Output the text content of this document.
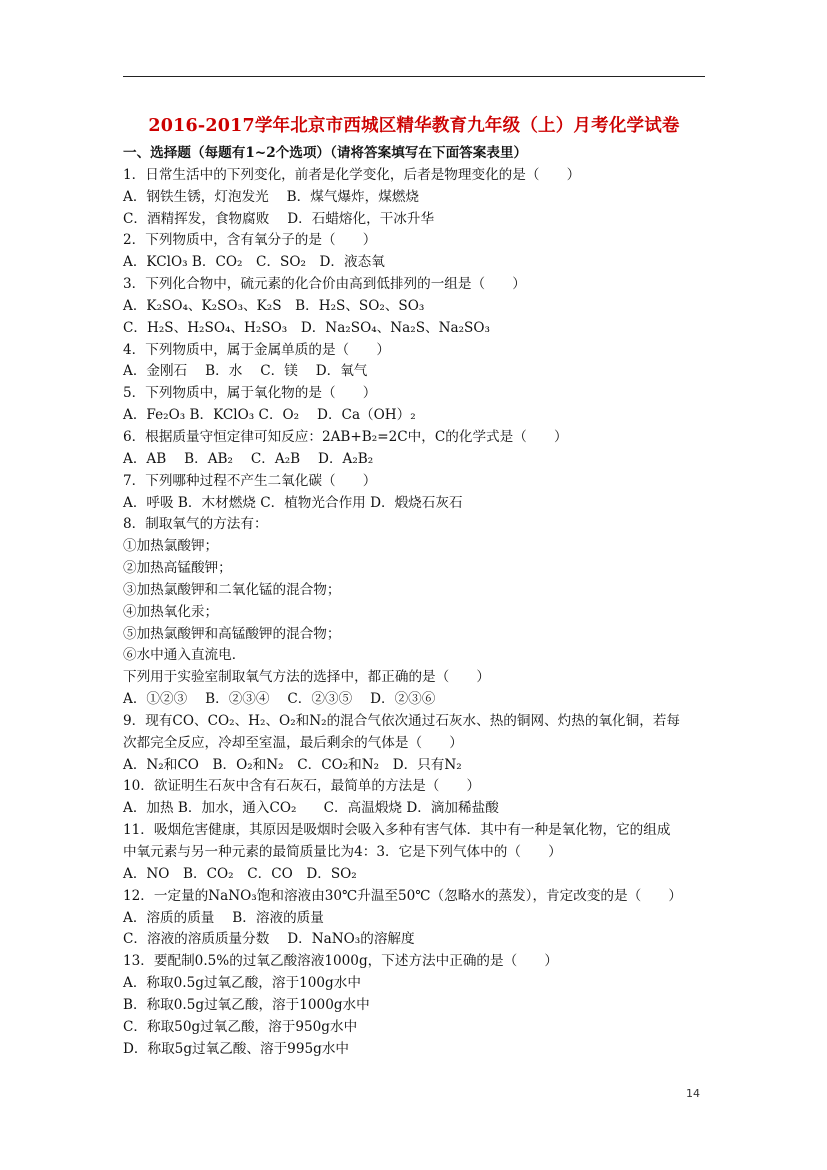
2016-2017学年北京市西城区精华教育九年级（上）月考化学试卷
一、选择题（每题有1~2个选项）（请将答案填写在下面答案表里）
1．日常生活中的下列变化，前者是化学变化，后者是物理变化的是（　　）
A．钢铁生锈，灯泡发光　 B．煤气爆炸，煤燃烧
C．酒精挥发，食物腐败　 D．石蜡熔化，干冰升华
2．下列物质中，含有氧分子的是（　　）
A．KClO₃ B．CO₂　C．SO₂　D．液态氧
3．下列化合物中，硫元素的化合价由高到低排列的一组是（　　）
A．K₂SO₄、K₂SO₃、K₂S　B．H₂S、SO₂、SO₃
C．H₂S、H₂SO₄、H₂SO₃　D．Na₂SO₄、Na₂S、Na₂SO₃
4．下列物质中，属于金属单质的是（　　）
A．金刚石　 B．水　 C．镁　 D．氧气
5．下列物质中，属于氧化物的是（　　）
A．Fe₂O₃ B．KClO₃ C．O₂　 D．Ca（OH）₂
6．根据质量守恒定律可知反应：2AB+B₂=2C中，C的化学式是（　　）
A．AB　 B．AB₂　 C．A₂B　 D．A₂B₂
7．下列哪种过程不产生二氧化碳（　　）
A．呼吸 B．木材燃烧 C．植物光合作用 D．煅烧石灰石
8．制取氧气的方法有：
①加热氯酸钾；
②加热高锰酸钾；
③加热氯酸钾和二氧化锰的混合物；
④加热氧化汞；
⑤加热氯酸钾和高锰酸钾的混合物；
⑥水中通入直流电．
下列用于实验室制取氧气方法的选择中，都正确的是（　　）
A．①②③　 B．②③④　 C．②③⑤　 D．②③⑥
9．现有CO、CO₂、H₂、O₂和N₂的混合气依次通过石灰水、热的铜网、灼热的氧化铜，若每
次都完全反应，冷却至室温，最后剩余的气体是（　　）
A．N₂和CO　B．O₂和N₂　C．CO₂和N₂　D．只有N₂
10．欲证明生石灰中含有石灰石，最简单的方法是（　　）
A．加热 B．加水，通入CO₂　　C．高温煅烧 D．滴加稀盐酸
11．吸烟危害健康，其原因是吸烟时会吸入多种有害气体．其中有一种是氧化物，它的组成
中氧元素与另一种元素的最简质量比为4：3．它是下列气体中的（　　）
A．NO　B．CO₂　C．CO　D．SO₂
12．一定量的NaNO₃饱和溶液由30℃升温至50℃（忽略水的蒸发），肯定改变的是（　　）
A．溶质的质量　 B．溶液的质量
C．溶液的溶质质量分数　 D．NaNO₃的溶解度
13．要配制0.5%的过氧乙酸溶液1000g，下述方法中正确的是（　　）
A．称取0.5g过氧乙酸，溶于100g水中
B．称取0.5g过氧乙酸，溶于1000g水中
C．称取50g过氧乙酸，溶于950g水中
D．称取5g过氧乙酸、溶于995g水中
14
